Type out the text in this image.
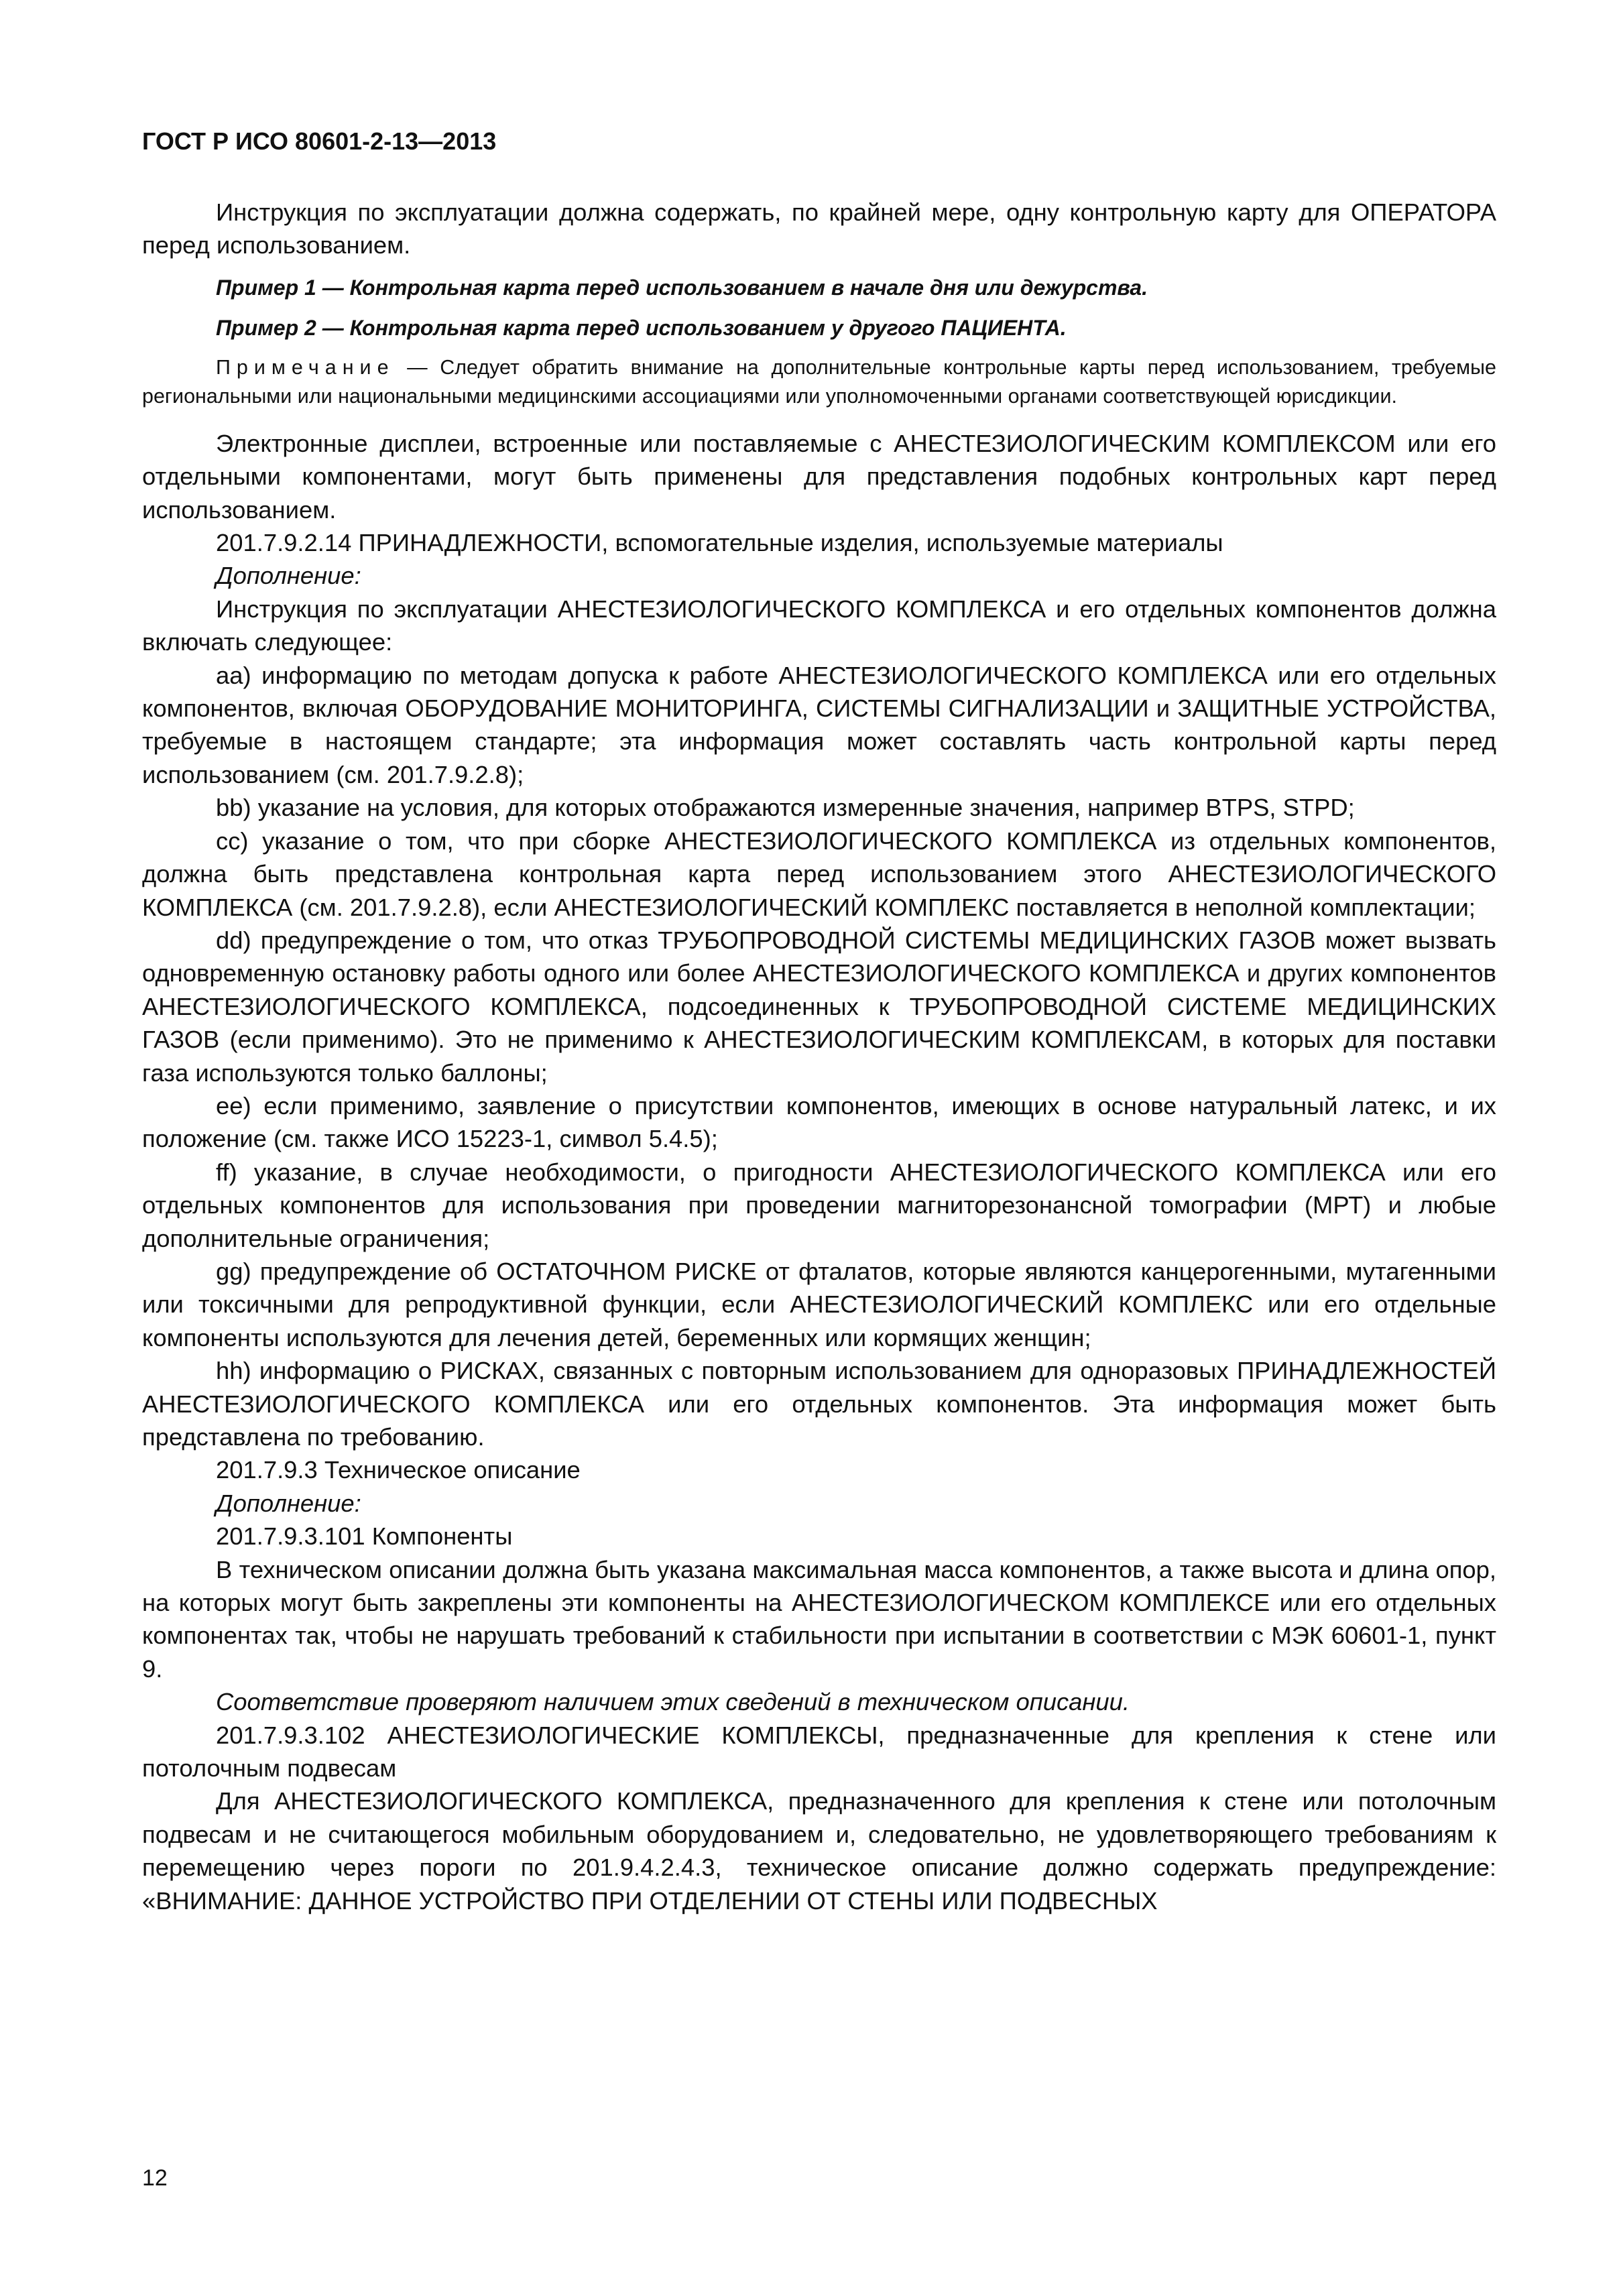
ГОСТ Р ИСО 80601-2-13—2013

Инструкция по эксплуатации должна содержать, по крайней мере, одну контрольную карту для ОПЕРАТОРА перед использованием.

Пример 1 — Контрольная карта перед использованием в начале дня или дежурства.

Пример 2 — Контрольная карта перед использованием у другого ПАЦИЕНТА.

Примечание — Следует обратить внимание на дополнительные контрольные карты перед использованием, требуемые региональными или национальными медицинскими ассоциациями или уполномоченными органами соответствующей юрисдикции.

Электронные дисплеи, встроенные или поставляемые с АНЕСТЕЗИОЛОГИЧЕСКИМ КОМПЛЕКСОМ или его отдельными компонентами, могут быть применены для представления подобных контрольных карт перед использованием.

201.7.9.2.14 ПРИНАДЛЕЖНОСТИ, вспомогательные изделия, используемые материалы

Дополнение:

Инструкция по эксплуатации АНЕСТЕЗИОЛОГИЧЕСКОГО КОМПЛЕКСА и его отдельных компонентов должна включать следующее:

аа) информацию по методам допуска к работе АНЕСТЕЗИОЛОГИЧЕСКОГО КОМПЛЕКСА или его отдельных компонентов, включая ОБОРУДОВАНИЕ МОНИТОРИНГА, СИСТЕМЫ СИГНАЛИЗАЦИИ и ЗАЩИТНЫЕ УСТРОЙСТВА, требуемые в настоящем стандарте; эта информация может составлять часть контрольной карты перед использованием (см. 201.7.9.2.8);

bb) указание на условия, для которых отображаются измеренные значения, например BTPS, STPD;

cc) указание о том, что при сборке АНЕСТЕЗИОЛОГИЧЕСКОГО КОМПЛЕКСА из отдельных компонентов, должна быть представлена контрольная карта перед использованием этого АНЕСТЕЗИОЛОГИЧЕСКОГО КОМПЛЕКСА (см. 201.7.9.2.8), если АНЕСТЕЗИОЛОГИЧЕСКИЙ КОМПЛЕКС поставляется в неполной комплектации;

dd) предупреждение о том, что отказ ТРУБОПРОВОДНОЙ СИСТЕМЫ МЕДИЦИНСКИХ ГАЗОВ может вызвать одновременную остановку работы одного или более АНЕСТЕЗИОЛОГИЧЕСКОГО КОМПЛЕКСА и других компонентов АНЕСТЕЗИОЛОГИЧЕСКОГО КОМПЛЕКСА, подсоединенных к ТРУБОПРОВОДНОЙ СИСТЕМЕ МЕДИЦИНСКИХ ГАЗОВ (если применимо). Это не применимо к АНЕСТЕЗИОЛОГИЧЕСКИМ КОМПЛЕКСАМ, в которых для поставки газа используются только баллоны;

ee) если применимо, заявление о присутствии компонентов, имеющих в основе натуральный латекс, и их положение (см. также ИСО 15223-1, символ 5.4.5);

ff) указание, в случае необходимости, о пригодности АНЕСТЕЗИОЛОГИЧЕСКОГО КОМПЛЕКСА или его отдельных компонентов для использования при проведении магниторезонансной томографии (МРТ) и любые дополнительные ограничения;

gg) предупреждение об ОСТАТОЧНОМ РИСКЕ от фталатов, которые являются канцерогенными, мутагенными или токсичными для репродуктивной функции, если АНЕСТЕЗИОЛОГИЧЕСКИЙ КОМПЛЕКС или его отдельные компоненты используются для лечения детей, беременных или кормящих женщин;

hh) информацию о РИСКАХ, связанных с повторным использованием для одноразовых ПРИНАДЛЕЖНОСТЕЙ АНЕСТЕЗИОЛОГИЧЕСКОГО КОМПЛЕКСА или его отдельных компонентов. Эта информация может быть представлена по требованию.

201.7.9.3 Техническое описание

Дополнение:

201.7.9.3.101 Компоненты

В техническом описании должна быть указана максимальная масса компонентов, а также высота и длина опор, на которых могут быть закреплены эти компоненты на АНЕСТЕЗИОЛОГИЧЕСКОМ КОМПЛЕКСЕ или его отдельных компонентах так, чтобы не нарушать требований к стабильности при испытании в соответствии с МЭК 60601-1, пункт 9.

Соответствие проверяют наличием этих сведений в техническом описании.

201.7.9.3.102 АНЕСТЕЗИОЛОГИЧЕСКИЕ КОМПЛЕКСЫ, предназначенные для крепления к стене или потолочным подвесам

Для АНЕСТЕЗИОЛОГИЧЕСКОГО КОМПЛЕКСА, предназначенного для крепления к стене или потолочным подвесам и не считающегося мобильным оборудованием и, следовательно, не удовлетворяющего требованиям к перемещению через пороги по 201.9.4.2.4.3, техническое описание должно содержать предупреждение: «ВНИМАНИЕ: ДАННОЕ УСТРОЙСТВО ПРИ ОТДЕЛЕНИИ ОТ СТЕНЫ ИЛИ ПОДВЕСНЫХ

12
